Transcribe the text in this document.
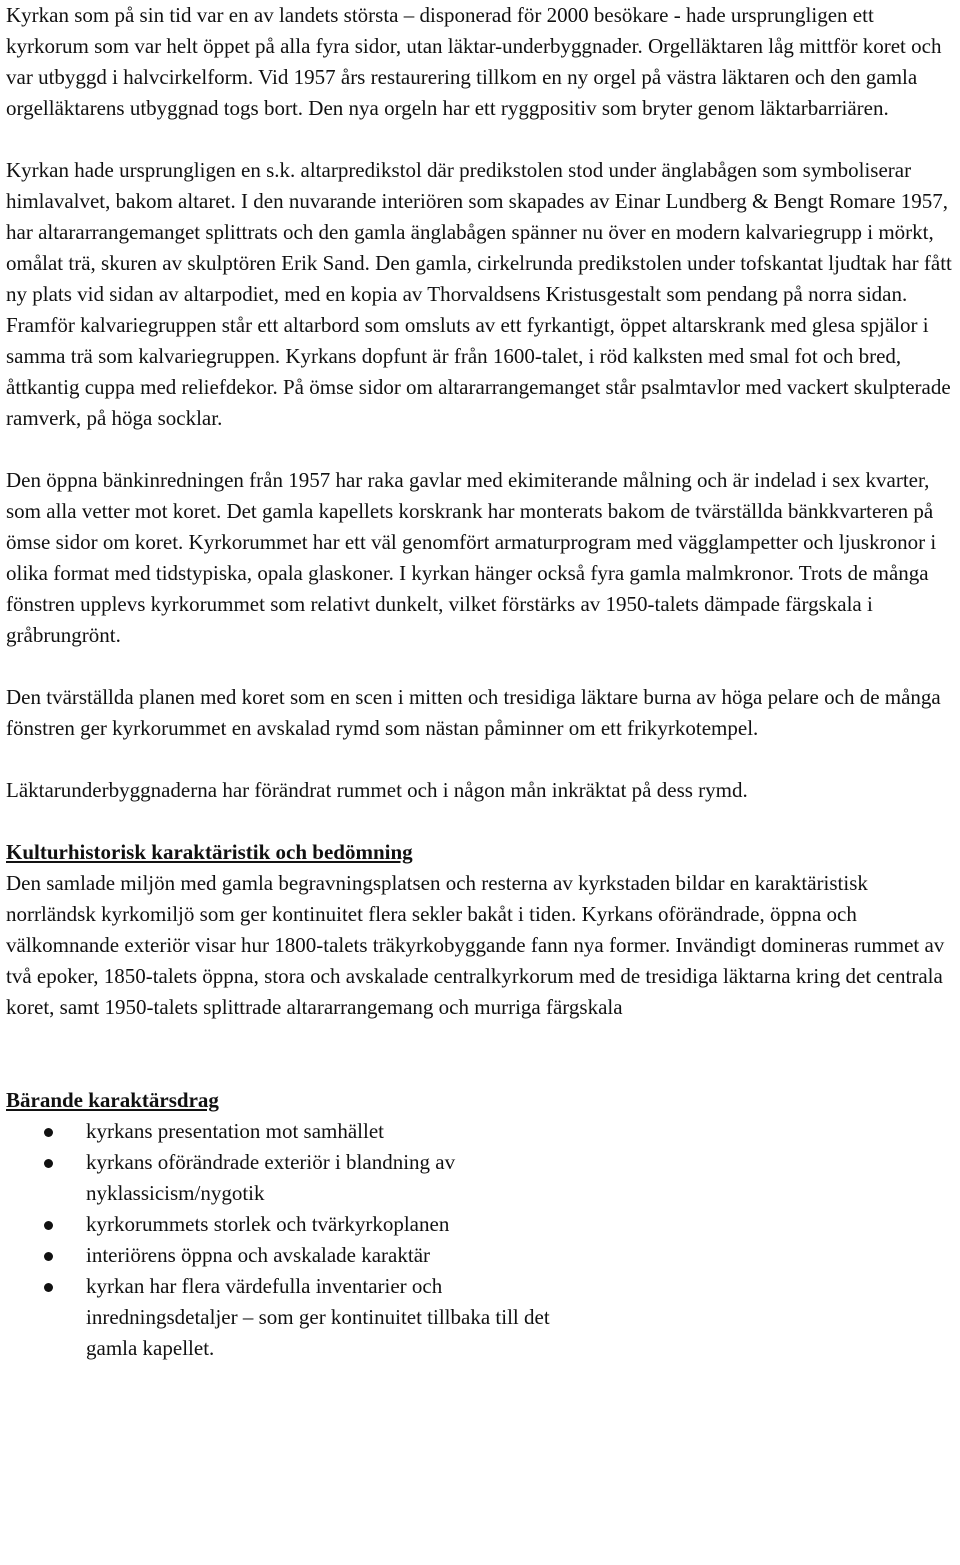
Kyrkan som på sin tid var en av landets största – disponerad för 2000 besökare - hade ursprungligen ett kyrkorum som var helt öppet på alla fyra sidor, utan läktar-underbyggnader. Orgelläktaren låg mittför koret och var utbyggd i halvcirkelform. Vid 1957 års restaurering tillkom en ny orgel på västra läktaren och den gamla orgelläktarens utbyggnad togs bort. Den nya orgeln har ett ryggpositiv som bryter genom läktarbarriären.

Kyrkan hade ursprungligen en s.k. altarpredikstol där predikstolen stod under änglabågen som symboliserar himlavalvet, bakom altaret. I den nuvarande interiören som skapades av Einar Lundberg & Bengt Romare 1957, har altararrangemanget splittrats och den gamla änglabågen spänner nu över en modern kalvariegrupp i mörkt, omålat trä, skuren av skulptören Erik Sand. Den gamla, cirkelrunda predikstolen under tofskantat ljudtak har fått ny plats vid sidan av altarpodiet, med en kopia av Thorvaldsens Kristusgestalt som pendang på norra sidan. Framför kalvariegruppen står ett altarbord som omsluts av ett fyrkantigt, öppet altarskrank med glesa spjälor i samma trä som kalvariegruppen. Kyrkans dopfunt är från 1600-talet, i röd kalksten med smal fot och bred, åttkantig cuppa med reliefdekor. På ömse sidor om altararrangemanget står psalmtavlor med vackert skulpterade ramverk, på höga socklar.

Den öppna bänkinredningen från 1957 har raka gavlar med ekimiterande målning och är indelad i sex kvarter, som alla vetter mot koret. Det gamla kapellets korskrank har monterats bakom de tvärställda bänkkvarteren på ömse sidor om koret. Kyrkorummet har ett väl genomfört armaturprogram med vägglampetter och ljuskronor i olika format med tidstypiska, opala glaskoner. I kyrkan hänger också fyra gamla malmkronor. Trots de många fönstren upplevs kyrkorummet som relativt dunkelt, vilket förstärks av 1950-talets dämpade färgskala i gråbrungrönt.

Den tvärställda planen med koret som en scen i mitten och tresidiga läktare burna av höga pelare och de många fönstren ger kyrkorummet en avskalad rymd som nästan påminner om ett frikyrkotempel.

Läktarunderbyggnaderna har förändrat rummet och i någon mån inkräktat på dess rymd.

Kulturhistorisk karaktäristik och bedömning

Den samlade miljön med gamla begravningsplatsen och resterna av kyrkstaden bildar en karaktäristisk norrländsk kyrkomiljö som ger kontinuitet flera sekler bakåt i tiden. Kyrkans oförändrade, öppna och välkomnande exteriör visar hur 1800-talets träkyrkobyggande fann nya former. Invändigt domineras rummet av två epoker, 1850-talets öppna, stora och avskalade centralkyrkorum med de tresidiga läktarna kring det centrala koret, samt 1950-talets splittrade altararrangemang och murriga färgskala

Bärande karaktärsdrag

kyrkans presentation mot samhället
kyrkans oförändrade exteriör i blandning av nyklassicism/nygotik
kyrkorummets storlek och tvärkyrkoplanen
interiörens öppna och avskalade karaktär
kyrkan har flera värdefulla inventarier och inredningsdetaljer – som ger kontinuitet tillbaka till det gamla kapellet.
